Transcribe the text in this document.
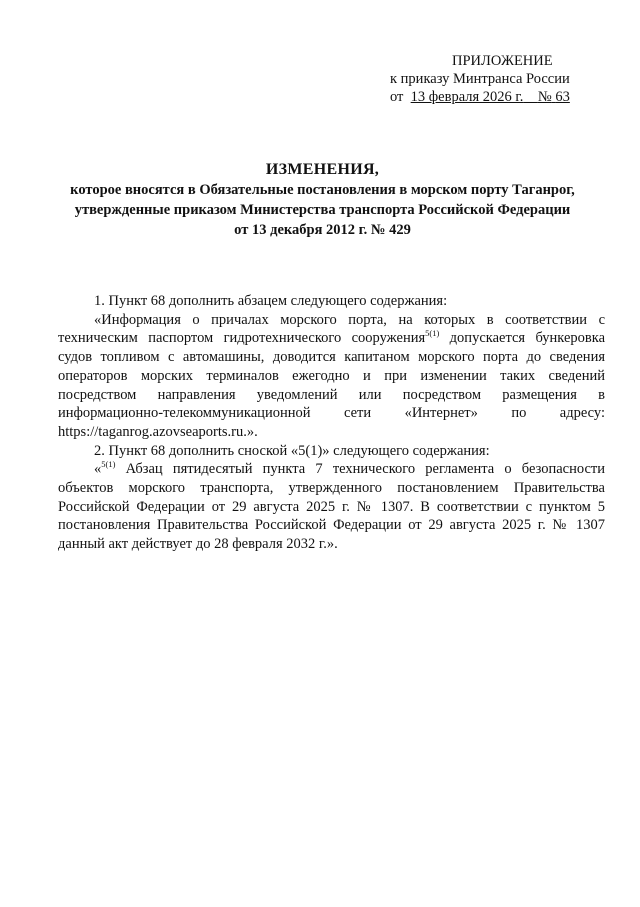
ПРИЛОЖЕНИЕ
к приказу Минтранса России
от 13 февраля 2026 г. № 63
ИЗМЕНЕНИЯ,
которое вносятся в Обязательные постановления в морском порту Таганрог,
утвержденные приказом Министерства транспорта Российской Федерации
от 13 декабря 2012 г. № 429

1. Пункт 68 дополнить абзацем следующего содержания:

«Информация о причалах морского порта, на которых в соответствии с техническим паспортом гидротехнического сооружения$^{5(1)}$ допускается бункеровка судов топливом с автомашины, доводится капитаном морского порта до сведения операторов морских терминалов ежегодно и при изменении таких сведений посредством направления уведомлений или посредством размещения в информационно-телекоммуникационной сети «Интернет» по адресу: https://taganrog.azovseaports.ru.».

2. Пункт 68 дополнить сноской «5(1)» следующего содержания:

«$^{5(1)}$ Абзац пятидесятый пункта 7 технического регламента о безопасности объектов морского транспорта, утвержденного постановлением Правительства Российской Федерации от 29 августа 2025 г. № 1307. В соответствии с пунктом 5 постановления Правительства Российской Федерации от 29 августа 2025 г. № 1307 данный акт действует до 28 февраля 2032 г.».
